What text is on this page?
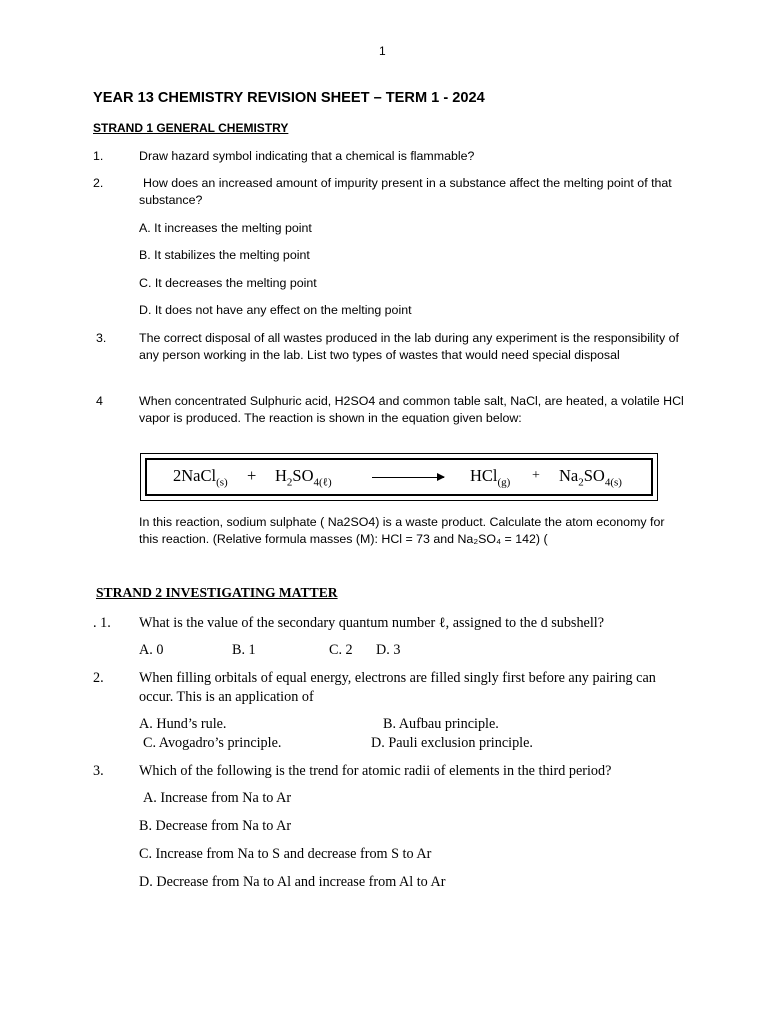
1
YEAR 13 CHEMISTRY REVISION SHEET – TERM 1 - 2024
STRAND 1 GENERAL CHEMISTRY
1.	Draw hazard symbol indicating that a chemical is flammable?
2.	How does an increased amount of impurity present in a substance affect the melting point of that substance?
A. It increases the melting point
B. It stabilizes the melting point
C. It decreases the melting point
D. It does not have any effect on the melting point
3.	The correct disposal of all wastes produced in the lab during any experiment is the responsibility of any person working in the lab. List two types of wastes that would need special disposal
4	When concentrated Sulphuric acid, H2SO4 and common table salt, NaCl, are heated, a volatile HCl vapor is produced. The reaction is shown in the equation given below:
2NaCl$_{(s)}$ + $H_2SO_{4(\ell)}$	$HCl_{(g)} + Na_2SO_{4(s)}$
In this reaction, sodium sulphate ( Na2SO4) is a waste product. Calculate the atom economy for this reaction. (Relative formula masses (M): HCl = 73 and Na₂SO₄ = 142) (
STRAND 2 INVESTIGATING MATTER
. 1. What is the value of the secondary quantum number ℓ, assigned to the d subshell?
A. 0	B. 1	C. 2 D. 3
2. When filling orbitals of equal energy, electrons are filled singly first before any pairing can occur. This is an application of
A. Hund’s rule.	B. Aufbau principle.
C. Avogadro’s principle.	D. Pauli exclusion principle.
3. Which of the following is the trend for atomic radii of elements in the third period?
A. Increase from Na to Ar
B. Decrease from Na to Ar
C. Increase from Na to S and decrease from S to Ar
D. Decrease from Na to Al and increase from Al to Ar
